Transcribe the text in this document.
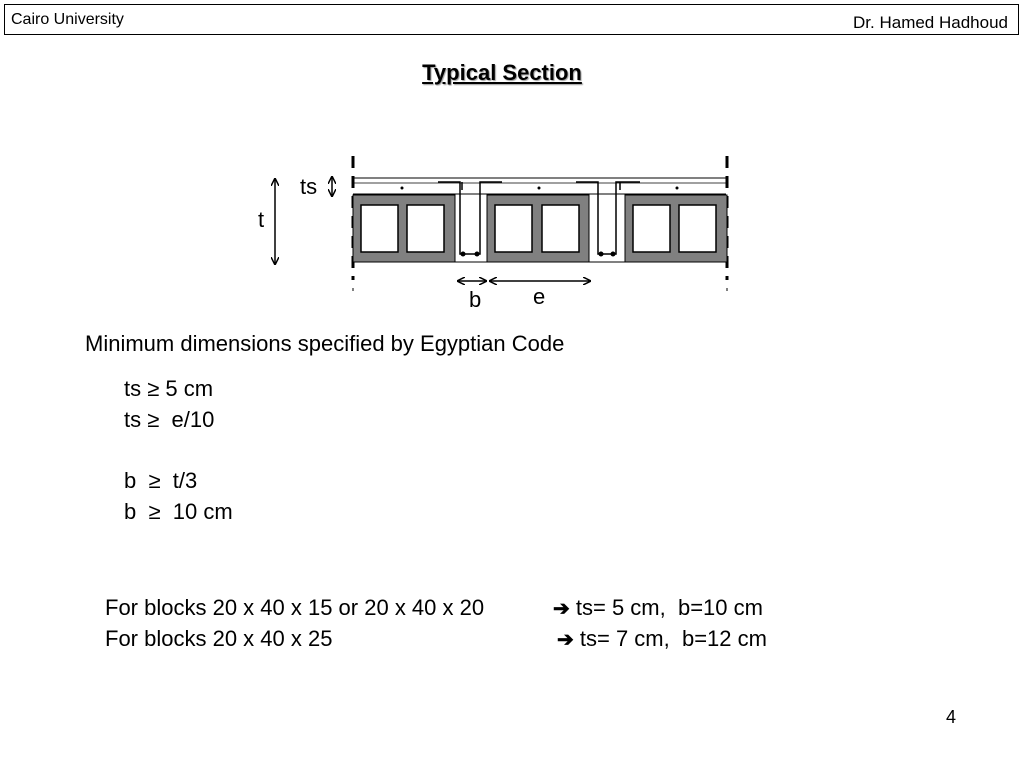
Cairo University	Dr. Hamed Hadhoud
Typical Section
ts
t
b e
Minimum dimensions specified by Egyptian Code
ts ≥ 5 cm
ts ≥  e/10
b  ≥  t/3
b  ≥  10 cm
For blocks 20 x 40 x 15 or 20 x 40 x 20	➔ ts= 5 cm,  b=10 cm
For blocks 20 x 40 x 25	➔ ts= 7 cm,  b=12 cm
4
